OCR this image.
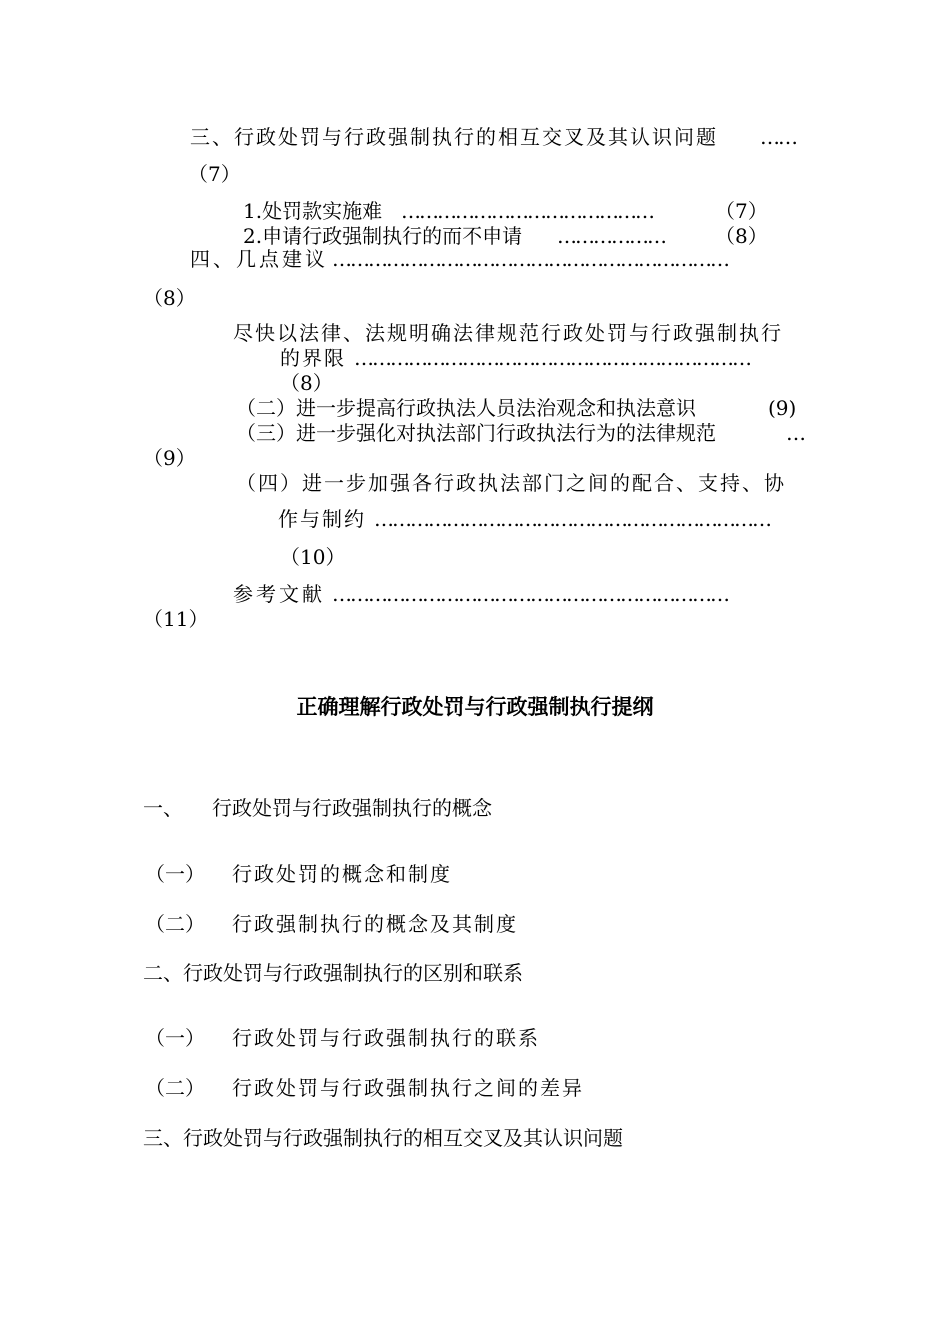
三、行政处罚与行政强制执行的相互交叉及其认识问题 ……
（7）
1.处罚款实施难 ……………………………………	（7）
2.申请行政强制执行的而不申请 ………………	（8）
四、几点建议 …………………………………………………………
（8）
尽快以法律、法规明确法律规范行政处罚与行政强制执行
的界限 …………………………………………………………
（8）
（二）进一步提高行政执法人员法治观念和执法意识	(9)
（三）进一步强化对执法部门行政执法行为的法律规范	…
（9）
（四）进一步加强各行政执法部门之间的配合、支持、协
作与制约 …………………………………………………………
（10）
参考文献 …………………………………………………………
（11）
正确理解行政处罚与行政强制执行提纲
一、 行政处罚与行政强制执行的概念
（一） 行政处罚的概念和制度
（二） 行政强制执行的概念及其制度
二、行政处罚与行政强制执行的区别和联系
（一） 行政处罚与行政强制执行的联系
（二） 行政处罚与行政强制执行之间的差异
三、行政处罚与行政强制执行的相互交叉及其认识问题
